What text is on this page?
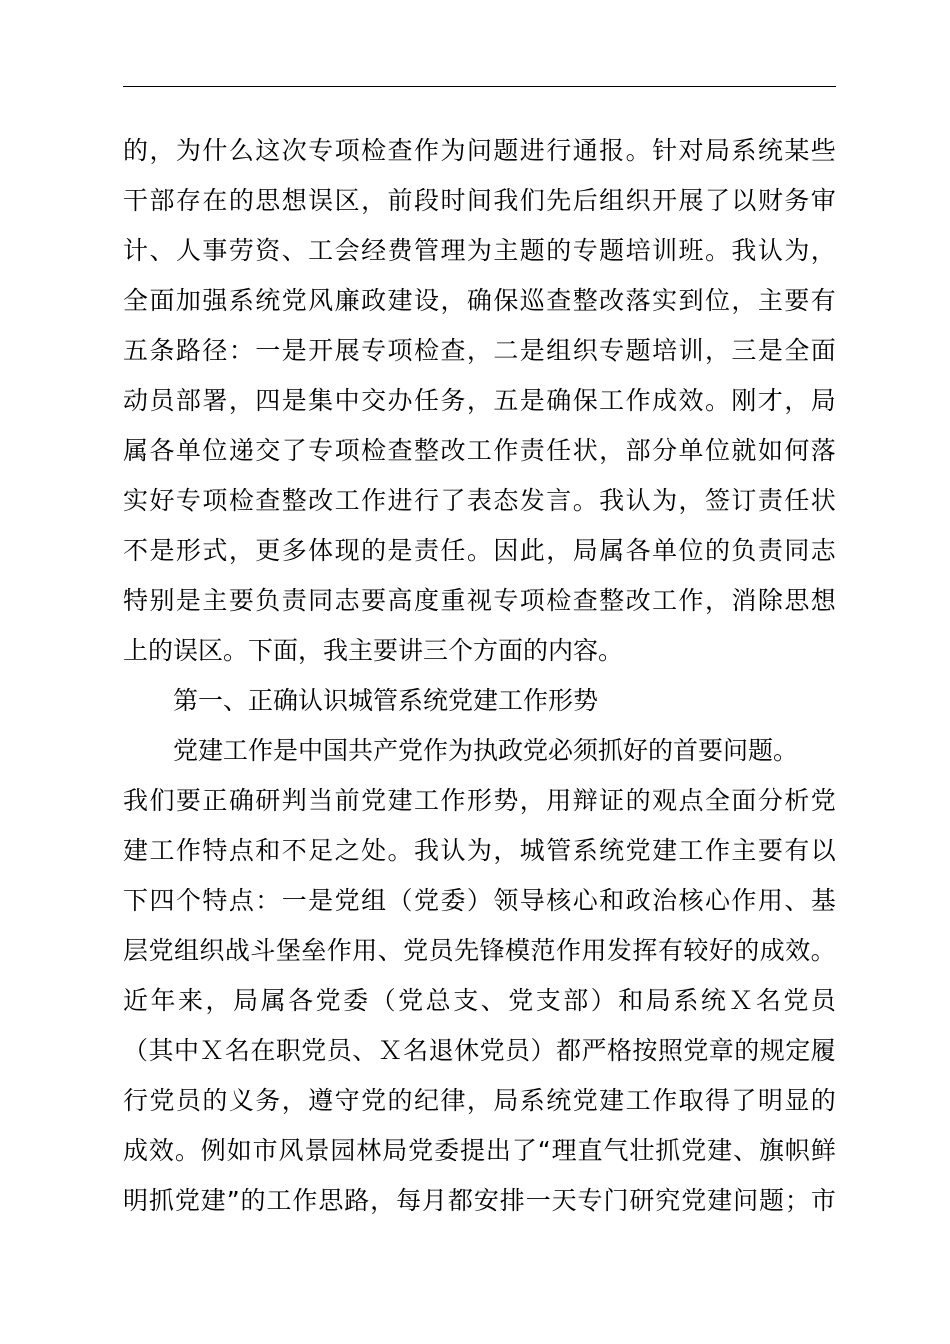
的 ， 为 什 么 这 次 专 项 检 查 作 为 问 题 进 行 通 报 。 针 对 局 系 统 某 些
干 部 存 在 的 思 想 误 区 ， 前 段 时 间 我 们 先 后 组 织 开 展 了 以 财 务 审
计 、 人 事 劳 资 、 工 会 经 费 管 理 为 主 题 的 专 题 培 训 班 。 我 认 为 ，
全 面 加 强 系 统 党 风 廉 政 建 设 ， 确 保 巡 查 整 改 落 实 到 位 ， 主 要 有
五 条 路 径 ： 一 是 开 展 专 项 检 查 ， 二 是 组 织 专 题 培 训 ， 三 是 全 面
动 员 部 署 ， 四 是 集 中 交 办 任 务 ， 五 是 确 保 工 作 成 效 。 刚 才 ， 局
属 各 单 位 递 交 了 专 项 检 查 整 改 工 作 责 任 状 ， 部 分 单 位 就 如 何 落
实 好 专 项 检 查 整 改 工 作 进 行 了 表 态 发 言 。 我 认 为 ， 签 订 责 任 状
不 是 形 式 ， 更 多 体 现 的 是 责 任 。 因 此 ， 局 属 各 单 位 的 负 责 同 志
特 别 是 主 要 负 责 同 志 要 高 度 重 视 专 项 检 查 整 改 工 作 ， 消 除 思 想
上的误区。下面，我主要讲三个方面的内容。
第一、正确认识城管系统党建工作形势
党建工作是中国共产党作为执政党必须抓好的首要问题。
我 们 要 正 确 研 判 当 前 党 建 工 作 形 势 ， 用 辩 证 的 观 点 全 面 分 析 党
建 工 作 特 点 和 不 足 之 处 。 我 认 为 ， 城 管 系 统 党 建 工 作 主 要 有 以
下 四 个 特 点 ： 一 是 党 组 （ 党 委 ） 领 导 核 心 和 政 治 核 心 作 用 、 基
层 党 组 织 战 斗 堡 垒 作 用 、 党 员 先 锋 模 范 作 用 发 挥 有 较 好 的 成 效 。
近 年 来 ， 局 属 各 党 委 （ 党 总 支 、 党 支 部 ） 和 局 系 统 Ｘ 名 党 员
（ 其 中 Ｘ 名 在 职 党 员 、 Ｘ 名 退 休 党 员 ） 都 严 格 按 照 党 章 的 规 定 履
行 党 员 的 义 务 ， 遵 守 党 的 纪 律 ， 局 系 统 党 建 工 作 取 得 了 明 显 的
成 效 。 例 如 市 风 景 园 林 局 党 委 提 出 了 “ 理 直 气 壮 抓 党 建 、 旗 帜 鲜
明 抓 党 建 ” 的 工 作 思 路 ， 每 月 都 安 排 一 天 专 门 研 究 党 建 问 题 ； 市
